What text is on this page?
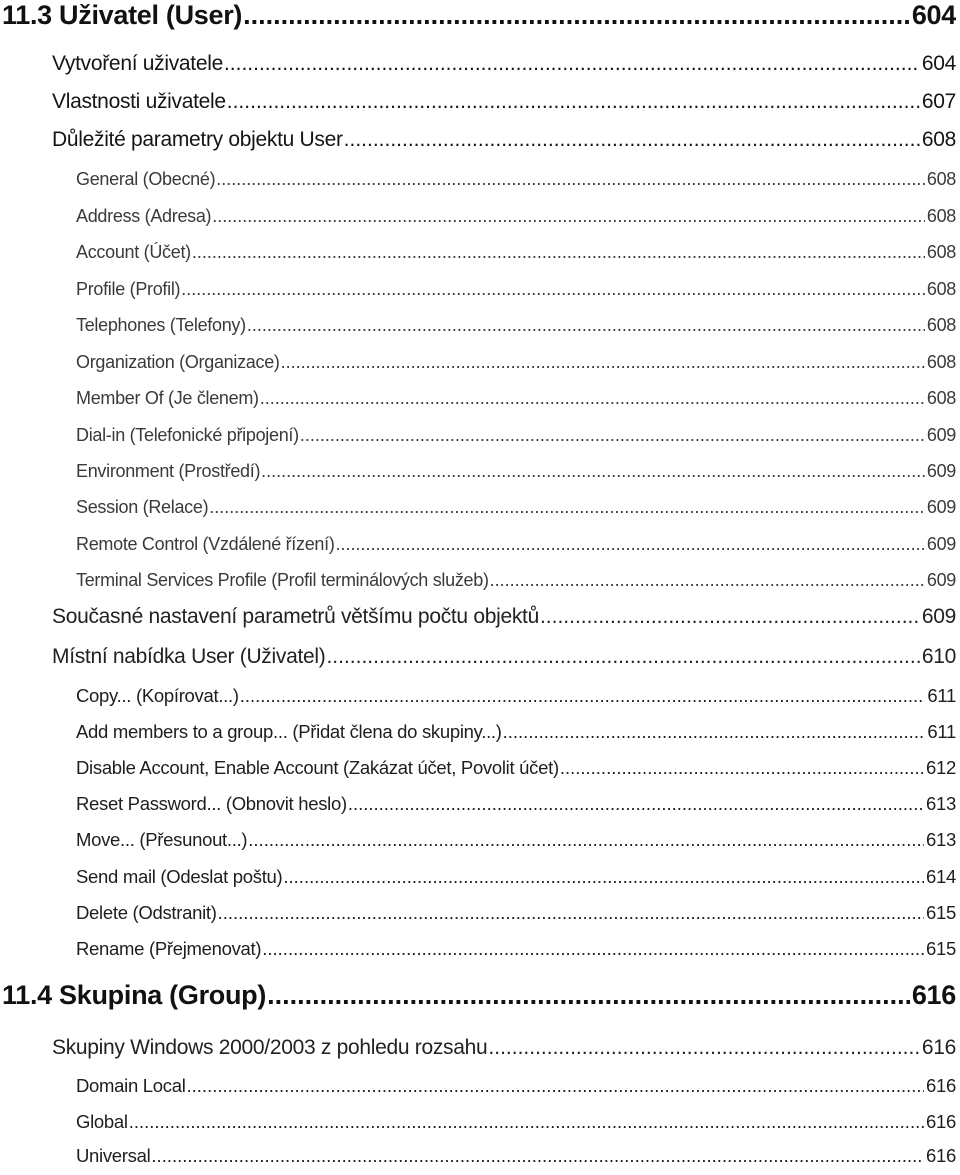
11.3 Uživatel (User) .....	604
Vytvoření uživatele .....	604
Vlastnosti uživatele .....	607
Důležité parametry objektu User .....	608
General (Obecné) .....	608
Address (Adresa) .....	608
Account (Účet) .....	608
Profile (Profil) .....	608
Telephones (Telefony) .....	608
Organization (Organizace) .....	608
Member Of (Je členem) .....	608
Dial-in (Telefonické připojení) .....	609
Environment (Prostředí) .....	609
Session (Relace) .....	609
Remote Control (Vzdálené řízení) .....	609
Terminal Services Profile (Profil terminálových služeb) .....	609
Současné nastavení parametrů většímu počtu objektů .....	609
Místní nabídka User (Uživatel) .....	610
Copy... (Kopírovat...) .....	611
Add members to a group... (Přidat člena do skupiny...) .....	611
Disable Account, Enable Account (Zakázat účet, Povolit účet) .....	612
Reset Password... (Obnovit heslo) .....	613
Move... (Přesunout...) .....	613
Send mail (Odeslat poštu) .....	614
Delete (Odstranit) .....	615
Rename (Přejmenovat) .....	615
11.4 Skupina (Group) .....	616
Skupiny Windows 2000/2003 z pohledu rozsahu .....	616
Domain Local .....	616
Global .....	616
Universal .....	616
